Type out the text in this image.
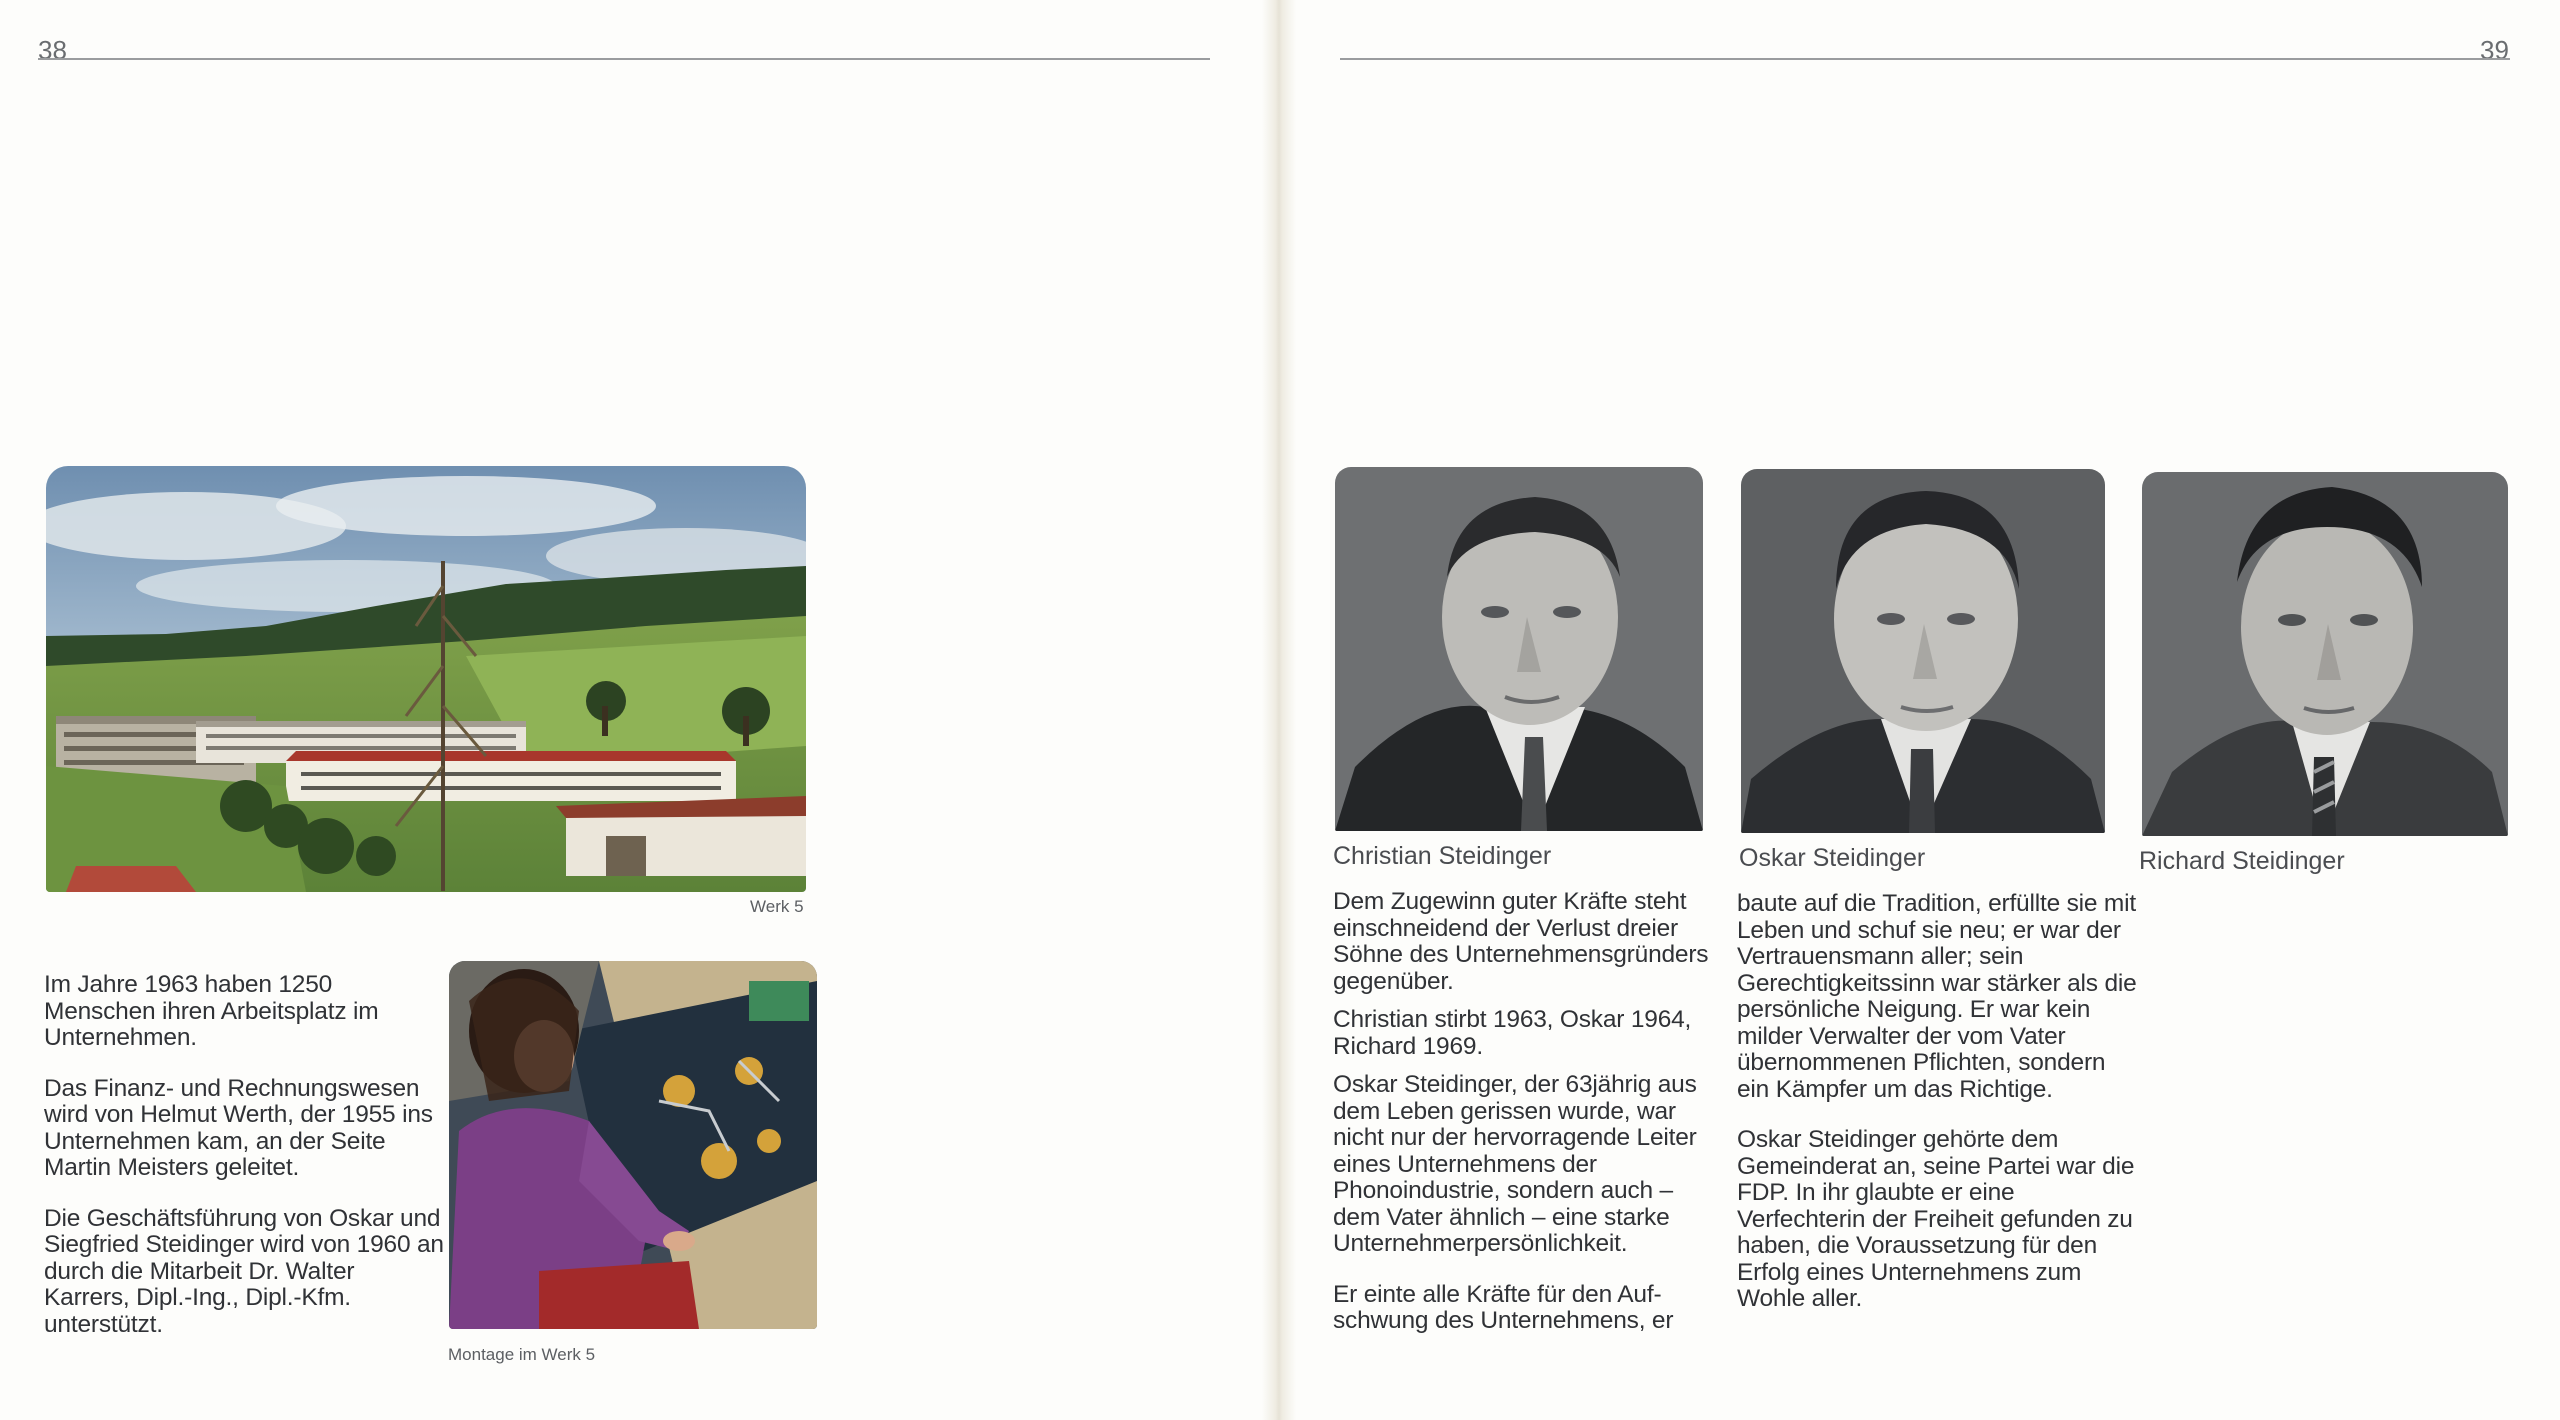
38
Werk 5

Im Jahre 1963 haben 1250 Menschen ihren Arbeitsplatz im Unternehmen.

Das Finanz- und Rechnungswesen wird von Helmut Werth, der 1955 ins Unternehmen kam, an der Seite Martin Meisters geleitet.

Die Geschäftsführung von Oskar und Siegfried Steidinger wird von 1960 an durch die Mitarbeit Dr. Walter Karrers, Dipl.-Ing., Dipl.-Kfm. unterstützt.

Montage im Werk 5
39
Christian Steidinger	Oskar Steidinger	Richard Steidinger

Dem Zugewinn guter Kräfte steht einschneidend der Verlust dreier Söhne des Unternehmensgründers gegenüber.

Christian stirbt 1963, Oskar 1964, Richard 1969.

Oskar Steidinger, der 63jährig aus dem Leben gerissen wurde, war nicht nur der hervorragende Leiter eines Unternehmens der Phonoindustrie, sondern auch – dem Vater ähnlich – eine starke Unternehmerpersönlichkeit.

Er einte alle Kräfte für den Aufschwung des Unternehmens, er

baute auf die Tradition, erfüllte sie mit Leben und schuf sie neu; er war der Vertrauensmann aller; sein Gerechtigkeitssinn war stärker als die persönliche Neigung. Er war kein milder Verwalter der vom Vater übernommenen Pflichten, sondern ein Kämpfer um das Richtige.

Oskar Steidinger gehörte dem Gemeinderat an, seine Partei war die FDP. In ihr glaubte er eine Verfechterin der Freiheit gefunden zu haben, die Voraussetzung für den Erfolg eines Unternehmens zum Wohle aller.
